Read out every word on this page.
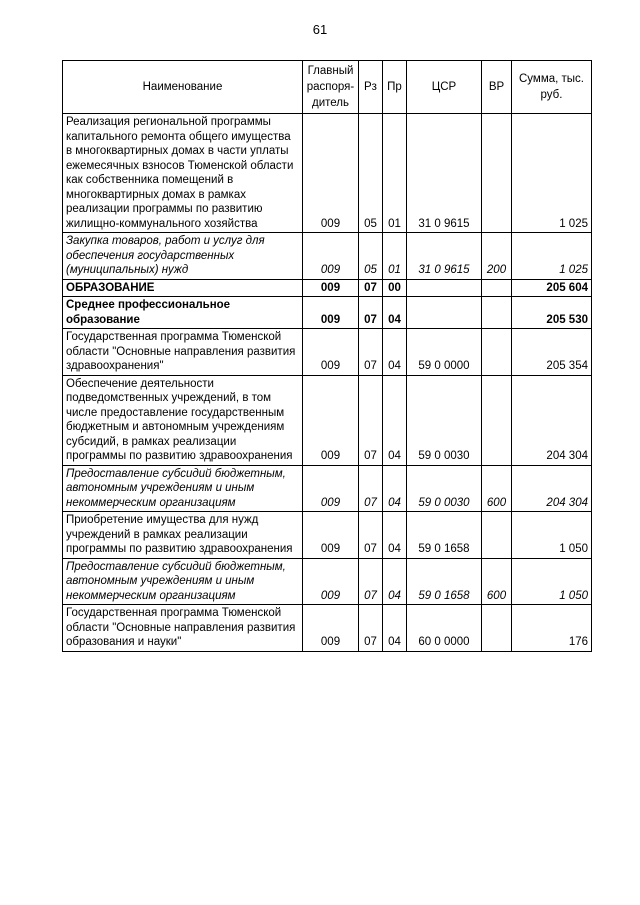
61
Наименование	Главный распоря-дитель	Рз	Пр	ЦСР	ВР	Сумма, тыс. руб.
Реализация региональной программы капитального ремонта общего имущества в многоквартирных домах в части уплаты ежемесячных взносов Тюменской области как собственника помещений в многоквартирных домах в рамках реализации программы по развитию жилищно-коммунального хозяйства	009	05	01	31 0 9615		1 025
Закупка товаров, работ и услуг для обеспечения государственных (муниципальных) нужд	009	05	01	31 0 9615	200	1 025
ОБРАЗОВАНИЕ	009	07	00			205 604
Среднее профессиональное образование	009	07	04			205 530
Государственная программа Тюменской области "Основные направления развития здравоохранения"	009	07	04	59 0 0000		205 354
Обеспечение деятельности подведомственных учреждений, в том числе предоставление государственным бюджетным и автономным учреждениям субсидий, в рамках реализации программы по развитию здравоохранения	009	07	04	59 0 0030		204 304
Предоставление субсидий бюджетным, автономным учреждениям и иным некоммерческим организациям	009	07	04	59 0 0030	600	204 304
Приобретение имущества для нужд учреждений в рамках реализации программы по развитию здравоохранения	009	07	04	59 0 1658		1 050
Предоставление субсидий бюджетным, автономным учреждениям и иным некоммерческим организациям	009	07	04	59 0 1658	600	1 050
Государственная программа Тюменской области "Основные направления развития образования и науки"	009	07	04	60 0 0000		176
